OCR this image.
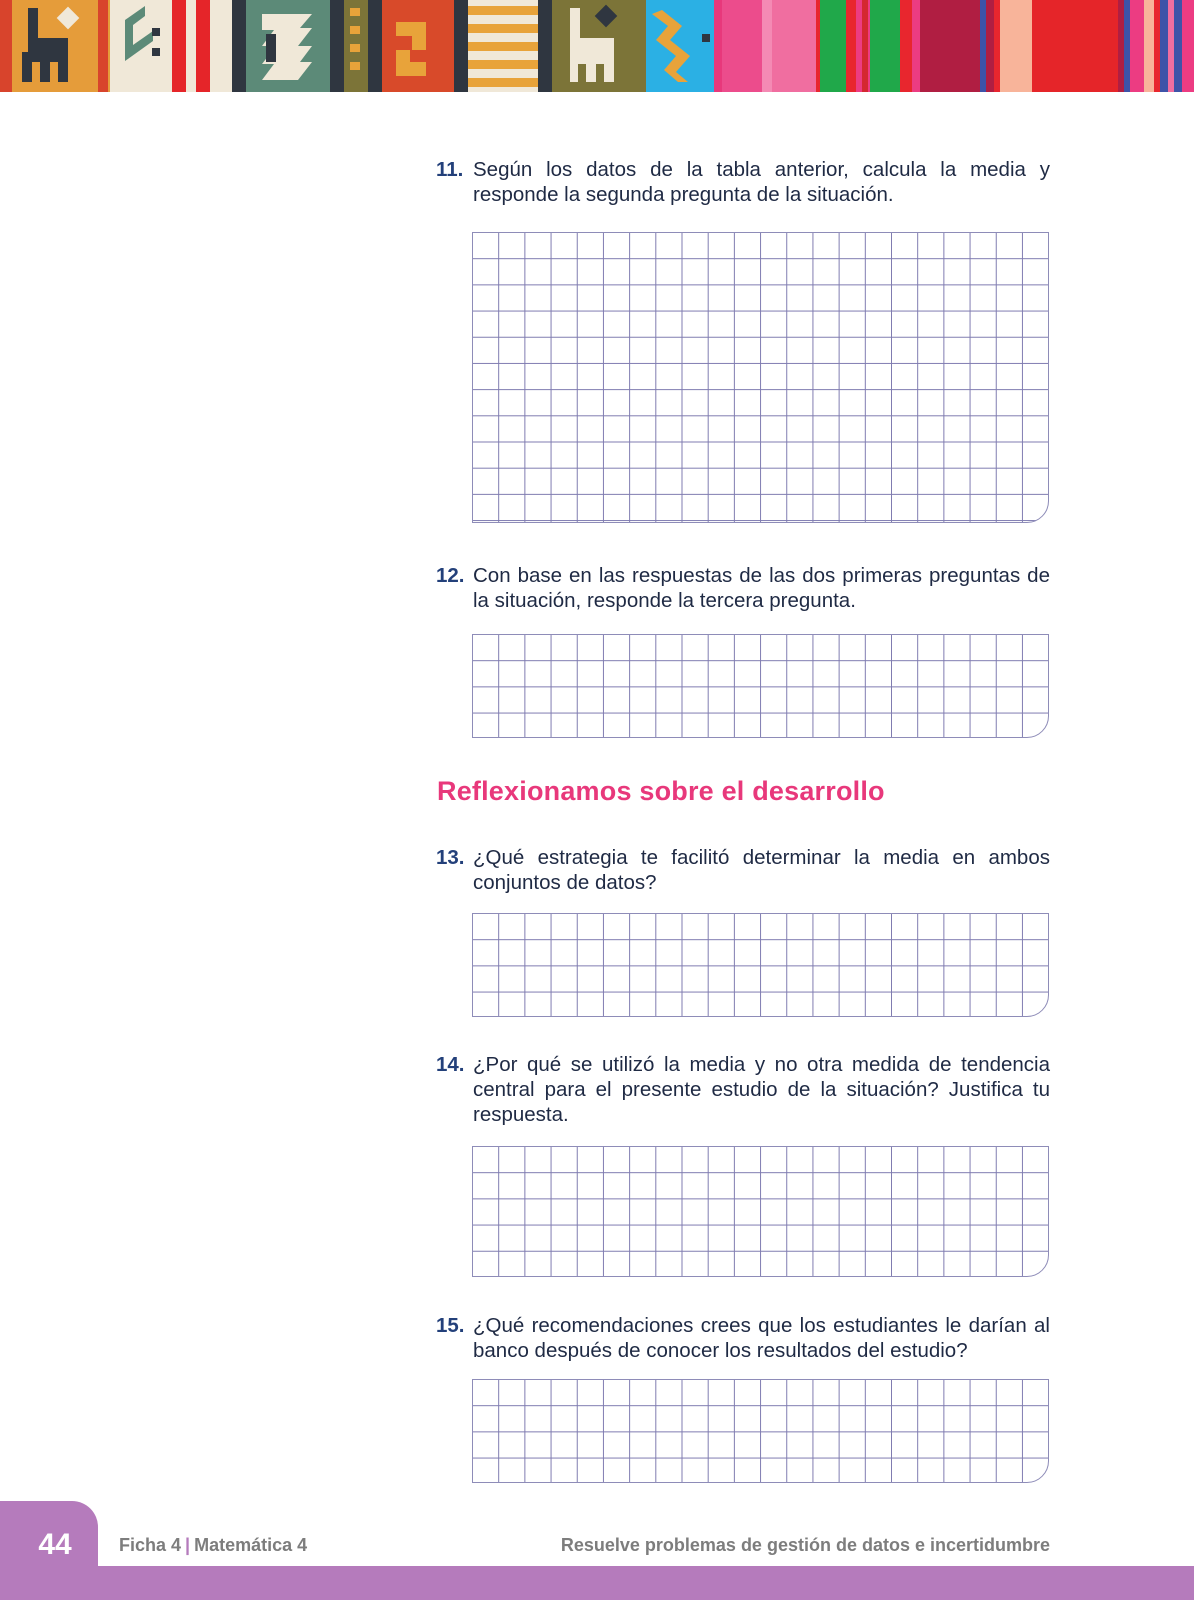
11. Según los datos de la tabla anterior, calcula la media y responde la segunda pregunta de la situación.
12. Con base en las respuestas de las dos primeras preguntas de la situación, responde la tercera pregunta.
Reflexionamos sobre el desarrollo
13. ¿Qué estrategia te facilitó determinar la media en ambos conjuntos de datos?
14. ¿Por qué se utilizó la media y no otra medida de tendencia central para el presente estudio de la situación? Justifica tu respuesta.
15. ¿Qué recomendaciones crees que los estudiantes le darían al banco después de conocer los resultados del estudio?
44	Ficha 4 | Matemática 4	Resuelve problemas de gestión de datos e incertidumbre
